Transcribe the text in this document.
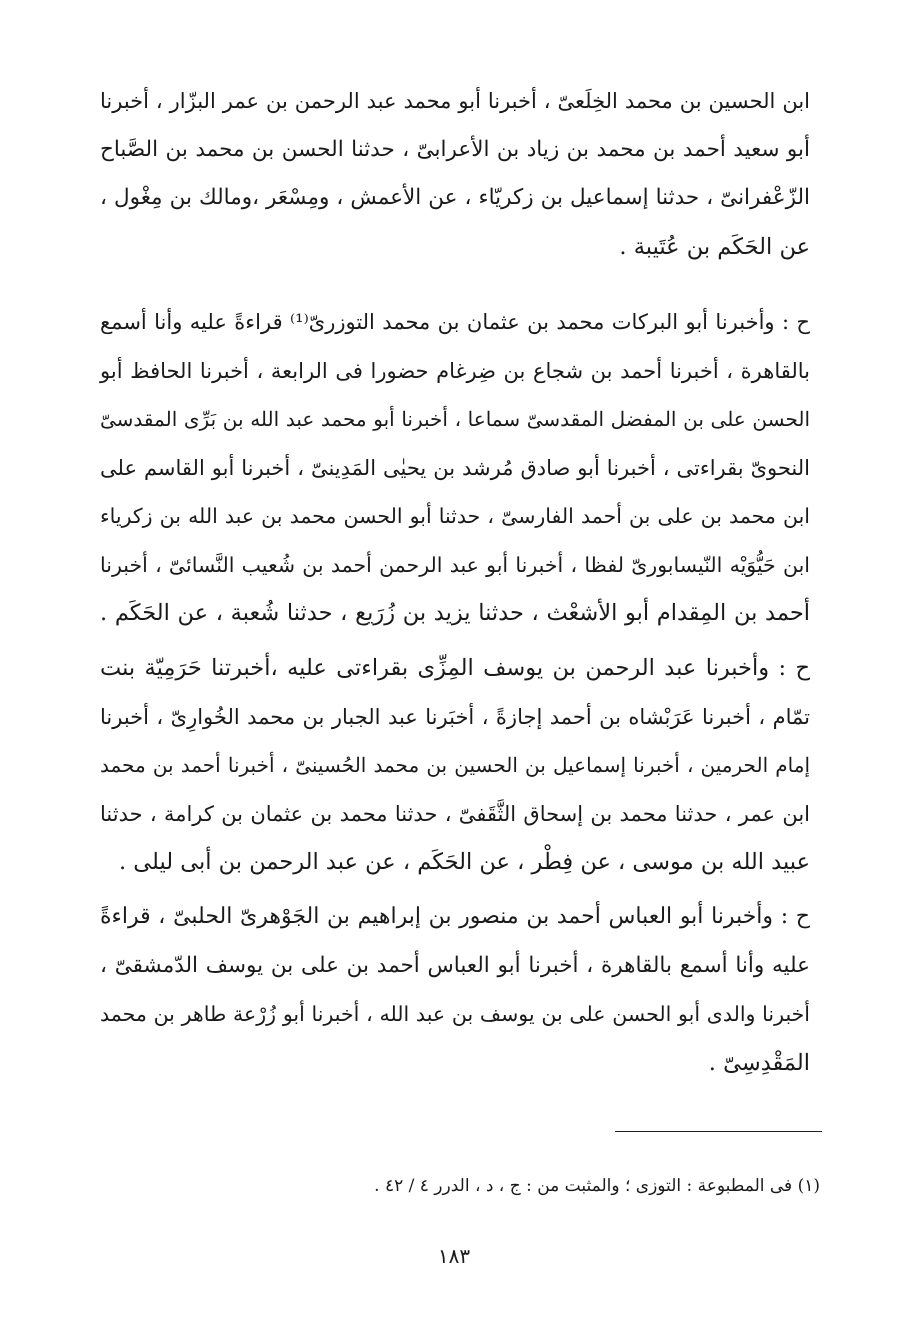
ابن الحسين بن محمد الخِلَعىّ ، أخبرنا أبو محمد عبد الرحمن بن عمر البزّار ، أخبرنا
أبو سعيد أحمد بن محمد بن زياد بن الأعرابىّ ، حدثنا الحسن بن محمد بن الصَّباح
الزّعْفرانىّ ، حدثنا إسماعيل بن زكريّاء ، عن الأعمش ، ومِسْعَر ،ومالك بن مِغْول ،
عن الحَكَم بن عُتَيبة .
ح : وأخبرنا أبو البركات محمد بن عثمان بن محمد التوزرىّ⁽¹⁾ قراءةً عليه وأنا أسمع
بالقاهرة ، أخبرنا أحمد بن شجاع بن ضِرغام حضورا فى الرابعة ، أخبرنا الحافظ أبو
الحسن على بن المفضل المقدسىّ سماعا ، أخبرنا أبو محمد عبد الله بن بَرِّى المقدسىّ
النحوىّ بقراءتى ، أخبرنا أبو صادق مُرشد بن يحيٰى المَدِينىّ ، أخبرنا أبو القاسم على
ابن محمد بن على بن أحمد الفارسىّ ، حدثنا أبو الحسن محمد بن عبد الله بن زكرياء
ابن حَيُّوَيْه النّيسابورىّ لفظا ، أخبرنا أبو عبد الرحمن أحمد بن شُعيب النَّسائىّ ، أخبرنا
أحمد بن المِقدام أبو الأشعْث ، حدثنا يزيد بن زُرَيع ، حدثنا شُعبة ، عن الحَكَم .
ح : وأخبرنا عبد الرحمن بن يوسف المِزِّى بقراءتى عليه ،أخبرتنا حَرَمِيّة بنت
تمّام ، أخبرنا عَرَبْشاه بن أحمد إجازةً ، أخبَرنا عبد الجبار بن محمد الخُوارِىّ ، أخبرنا
إمام الحرمين ، أخبرنا إسماعيل بن الحسين بن محمد الحُسينىّ ، أخبرنا أحمد بن محمد
ابن عمر ، حدثنا محمد بن إسحاق الثَّقَفىّ ، حدثنا محمد بن عثمان بن كرامة ، حدثنا
عبيد الله بن موسى ، عن فِطْر ، عن الحَكَم ، عن عبد الرحمن بن أبى ليلى .
ح : وأخبرنا أبو العباس أحمد بن منصور بن إبراهيم بن الجَوْهرىّ الحلبىّ ، قراءةً
عليه وأنا أسمع بالقاهرة ، أخبرنا أبو العباس أحمد بن على بن يوسف الدّمشقىّ ،
أخبرنا والدى أبو الحسن على بن يوسف بن عبد الله ، أخبرنا أبو زُرْعة طاهر بن محمد
المَقْدِسِىّ .
(١) فى المطبوعة : التوزى ؛ والمثبت من : ج ، د ، الدرر ٤ / ٤٢ .
١٨٣
